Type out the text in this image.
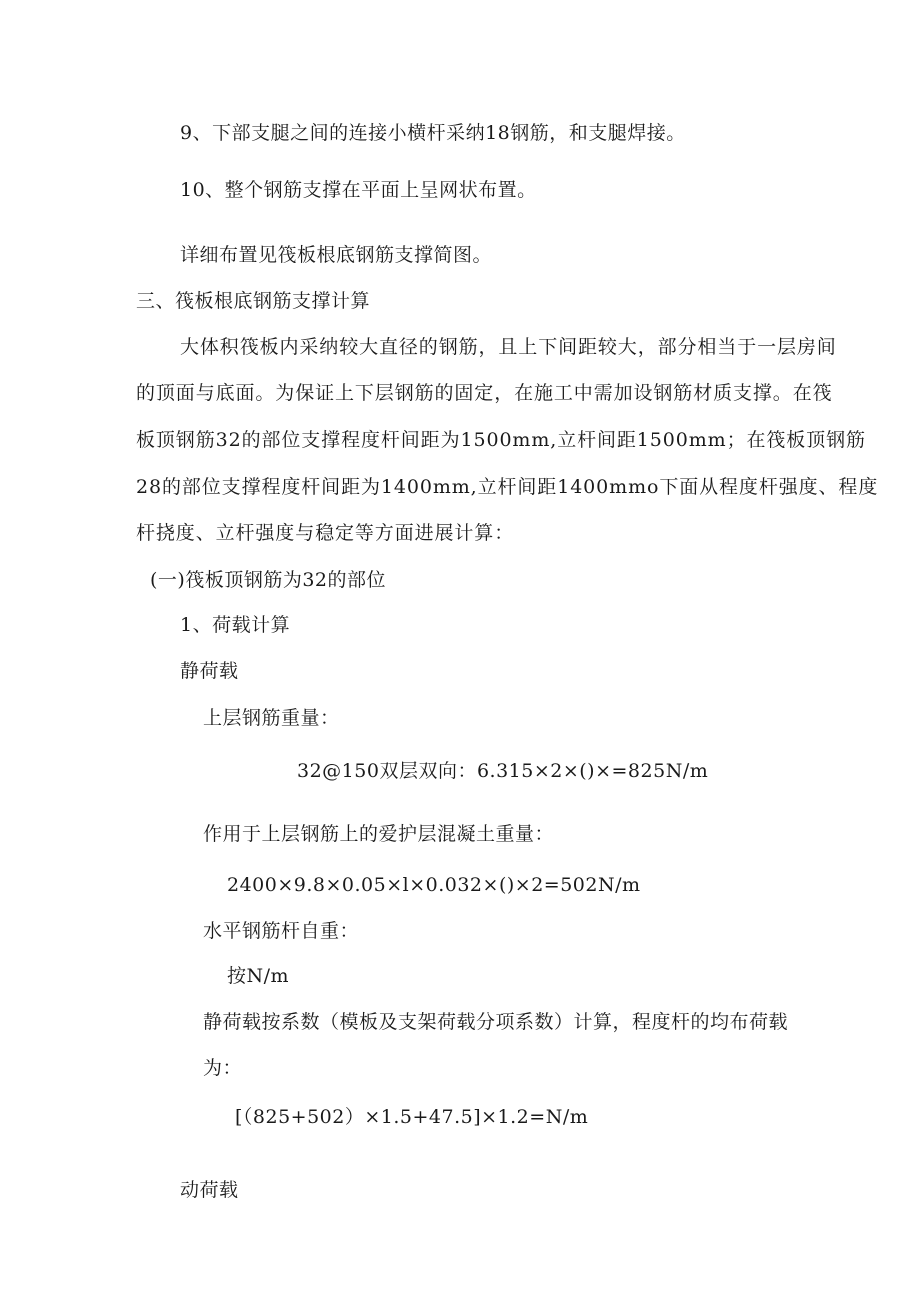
9、下部支腿之间的连接小横杆采纳18钢筋，和支腿焊接。
10、整个钢筋支撑在平面上呈网状布置。
详细布置见筏板根底钢筋支撑简图。
三、筏板根底钢筋支撑计算
大体积筏板内采纳较大直径的钢筋，且上下间距较大，部分相当于一层房间
的顶面与底面。为保证上下层钢筋的固定，在施工中需加设钢筋材质支撑。在筏
板顶钢筋32的部位支撑程度杆间距为1500mm,立杆间距1500mm；在筏板顶钢筋
28的部位支撑程度杆间距为1400mm,立杆间距1400mmo下面从程度杆强度、程度
杆挠度、立杆强度与稳定等方面进展计算：
(一)筏板顶钢筋为32的部位
1、荷载计算
静荷载
上层钢筋重量：
32@150双层双向：6.315×2×()×=825N∕m
作用于上层钢筋上的爱护层混凝土重量：
2400×9.8×0.05×l×0.032×()×2=502N/m
水平钢筋杆自重：
按N/m
静荷载按系数（模板及支架荷载分项系数）计算，程度杆的均布荷载
为：
[（825+502）×1.5+47.5]×1.2=N∕m
动荷载
